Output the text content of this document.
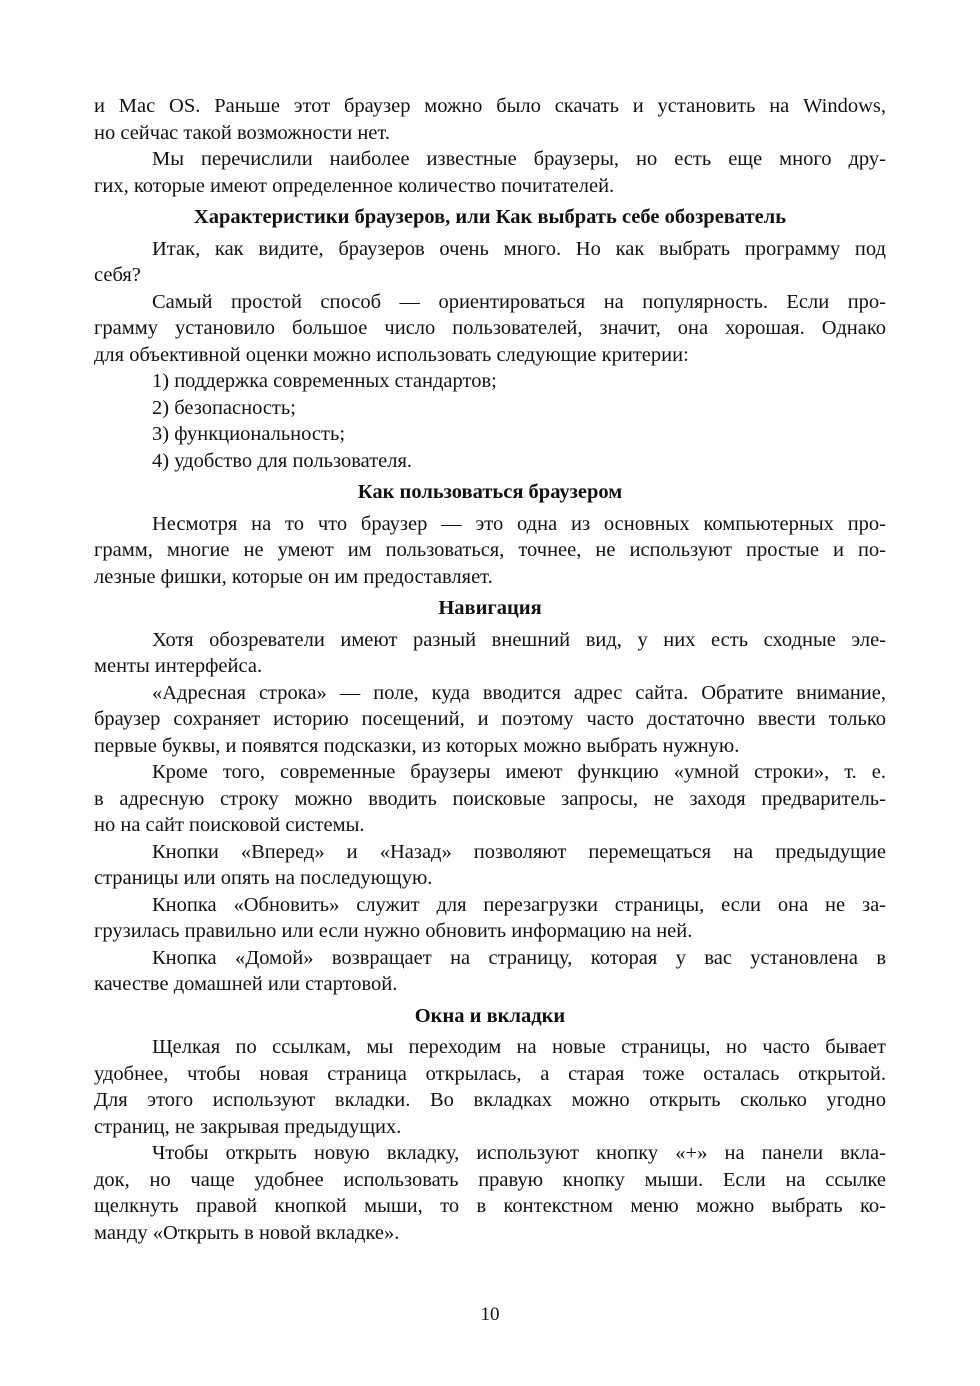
и Mac OS. Раньше этот браузер можно было скачать и установить на Windows,
но сейчас такой возможности нет.
Мы перечислили наиболее известные браузеры, но есть еще много дру-
гих, которые имеют определенное количество почитателей.
Характеристики браузеров, или Как выбрать себе обозреватель
Итак, как видите, браузеров очень много. Но как выбрать программу под
себя?
Самый простой способ — ориентироваться на популярность. Если про-
грамму установило большое число пользователей, значит, она хорошая. Однако
для объективной оценки можно использовать следующие критерии:
1) поддержка современных стандартов;
2) безопасность;
3) функциональность;
4) удобство для пользователя.
Как пользоваться браузером
Несмотря на то что браузер — это одна из основных компьютерных про-
грамм, многие не умеют им пользоваться, точнее, не используют простые и по-
лезные фишки, которые он им предоставляет.
Навигация
Хотя обозреватели имеют разный внешний вид, у них есть сходные эле-
менты интерфейса.
«Адресная строка» — поле, куда вводится адрес сайта. Обратите внимание,
браузер сохраняет историю посещений, и поэтому часто достаточно ввести только
первые буквы, и появятся подсказки, из которых можно выбрать нужную.
Кроме того, современные браузеры имеют функцию «умной строки», т. е.
в адресную строку можно вводить поисковые запросы, не заходя предваритель-
но на сайт поисковой системы.
Кнопки «Вперед» и «Назад» позволяют перемещаться на предыдущие
страницы или опять на последующую.
Кнопка «Обновить» служит для перезагрузки страницы, если она не за-
грузилась правильно или если нужно обновить информацию на ней.
Кнопка «Домой» возвращает на страницу, которая у вас установлена в
качестве домашней или стартовой.
Окна и вкладки
Щелкая по ссылкам, мы переходим на новые страницы, но часто бывает
удобнее, чтобы новая страница открылась, а старая тоже осталась открытой.
Для этого используют вкладки. Во вкладках можно открыть сколько угодно
страниц, не закрывая предыдущих.
Чтобы открыть новую вкладку, используют кнопку «+» на панели вкла-
док, но чаще удобнее использовать правую кнопку мыши. Если на ссылке
щелкнуть правой кнопкой мыши, то в контекстном меню можно выбрать ко-
манду «Открыть в новой вкладке».
10
